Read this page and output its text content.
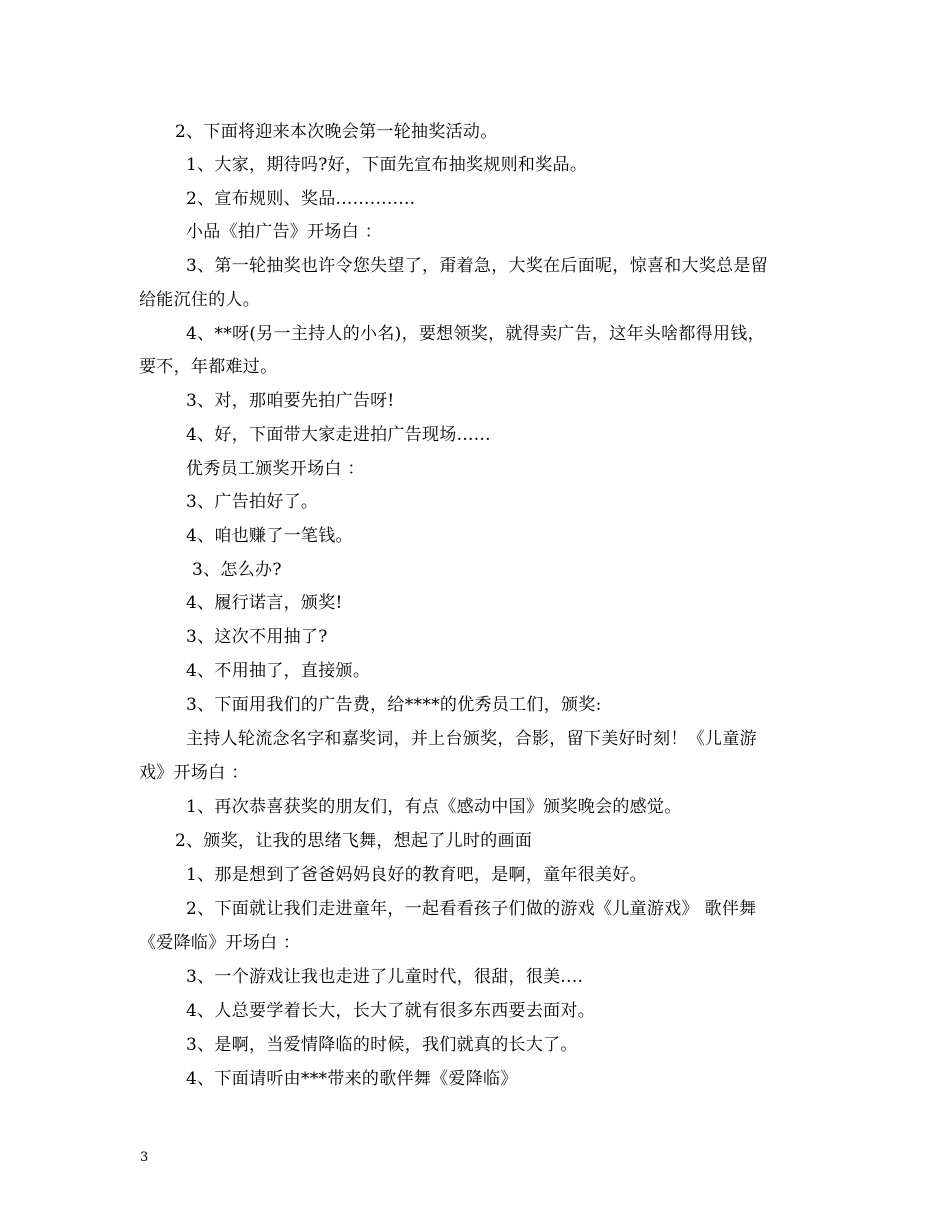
2、下面将迎来本次晚会第一轮抽奖活动。
1、大家，期待吗?好，下面先宣布抽奖规则和奖品。
2、宣布规则、奖品..............
小品《拍广告》开场白 ：
3、第一轮抽奖也许令您失望了，甭着急，大奖在后面呢，惊喜和大奖总是留
给能沉住的人。
4、**呀(另一主持人的小名)，要想领奖，就得卖广告，这年头啥都得用钱，
要不，年都难过。
3、对，那咱要先拍广告呀!
4、好，下面带大家走进拍广告现场......
优秀员工颁奖开场白 ：
3、广告拍好了。
4、咱也赚了一笔钱。
3、怎么办?
4、履行诺言，颁奖!
3、这次不用抽了?
4、不用抽了，直接颁。
3、下面用我们的广告费，给****的优秀员工们，颁奖:
主持人轮流念名字和嘉奖词，并上台颁奖，合影，留下美好时刻！《儿童游
戏》开场白 ：
1、再次恭喜获奖的朋友们，有点《感动中国》颁奖晚会的感觉。
2、颁奖，让我的思绪飞舞，想起了儿时的画面
1、那是想到了爸爸妈妈良好的教育吧，是啊，童年很美好。
2、下面就让我们走进童年，一起看看孩子们做的游戏《儿童游戏》 歌伴舞
《爱降临》开场白 ：
3、一个游戏让我也走进了儿童时代，很甜，很美....
4、人总要学着长大，长大了就有很多东西要去面对。
3、是啊，当爱情降临的时候，我们就真的长大了。
4、下面请听由***带来的歌伴舞《爱降临》
3
